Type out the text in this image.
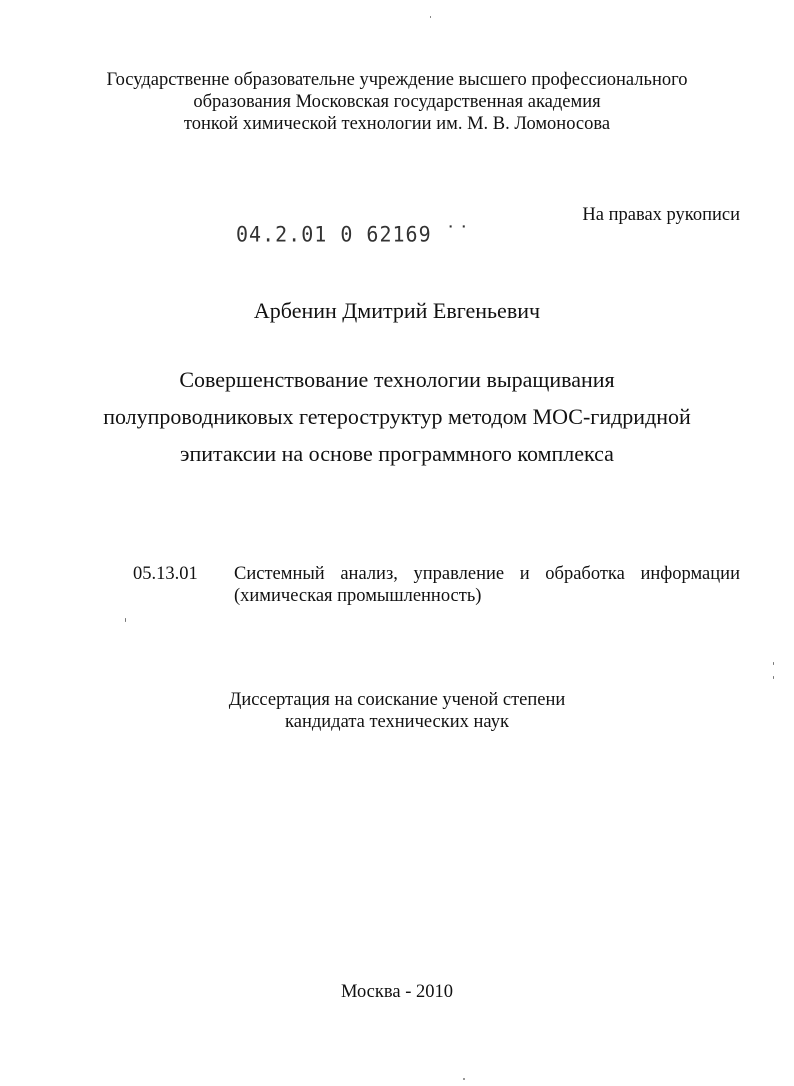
Государственне образовательне учреждение высшего профессионального
образования Московская государственная академия
тонкой химической технологии им. М. В. Ломоносова
На правах рукописи
04.2.01 0 62169 ˙˙
Арбенин Дмитрий Евгеньевич
Совершенствование технологии выращивания
полупроводниковых гетероструктур методом МОС-гидридной
эпитаксии на основе программного комплекса
05.13.01 Системный анализ, управление и обработка информации
(химическая промышленность)
Диссертация на соискание ученой степени
кандидата технических наук
Москва - 2010
